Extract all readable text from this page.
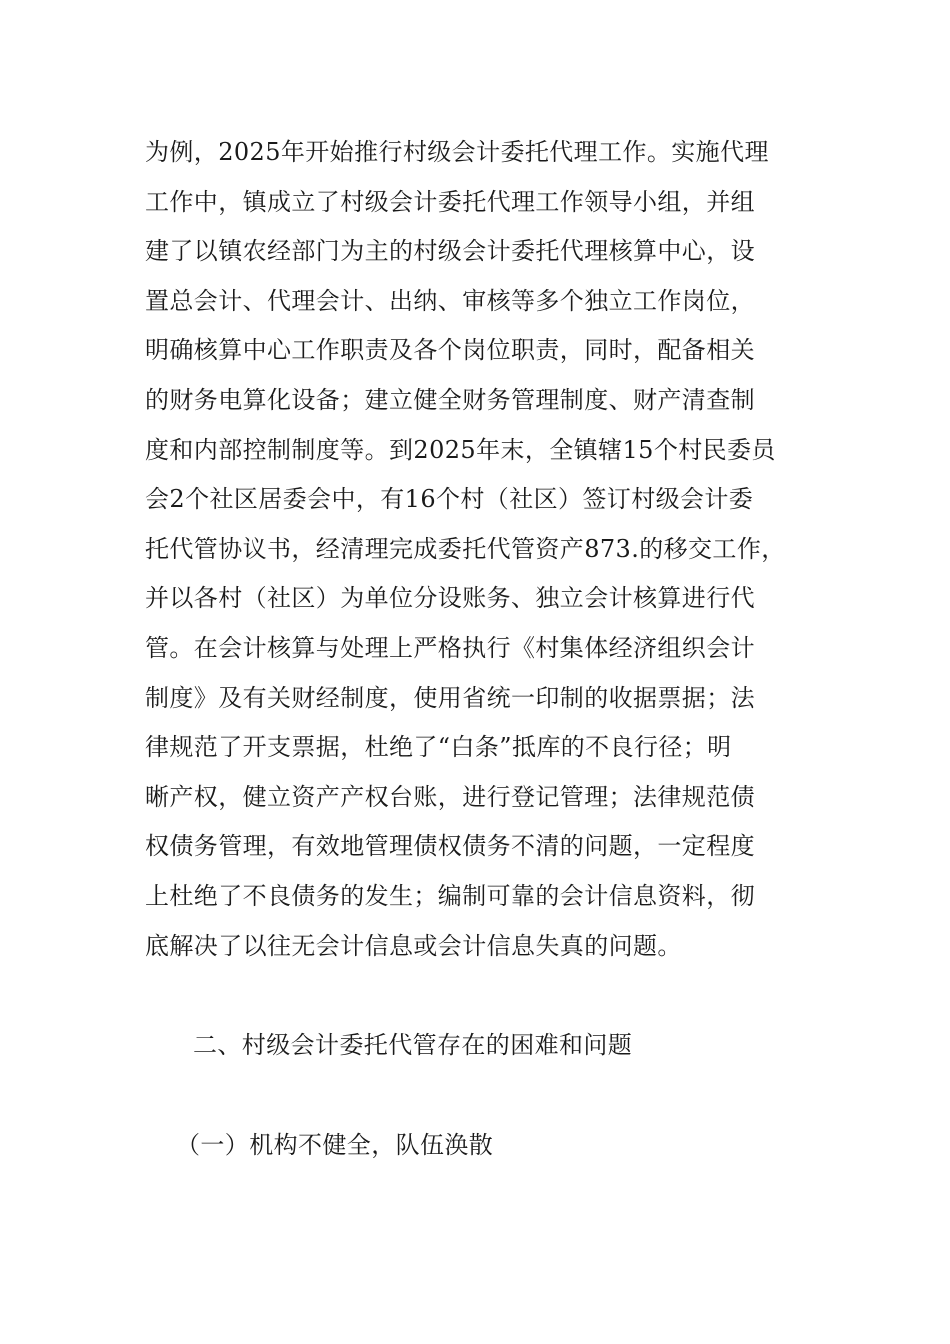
为例，2025年开始推行村级会计委托代理工作。实施代理
工作中，镇成立了村级会计委托代理工作领导小组，并组
建了以镇农经部门为主的村级会计委托代理核算中心，设
置总会计、代理会计、出纳、审核等多个独立工作岗位，
明确核算中心工作职责及各个岗位职责，同时，配备相关
的财务电算化设备；建立健全财务管理制度、财产清查制
度和内部控制制度等。到2025年末，全镇辖15个村民委员
会2个社区居委会中，有16个村（社区）签订村级会计委
托代管协议书，经清理完成委托代管资产873.的移交工作，
并以各村（社区）为单位分设账务、独立会计核算进行代
管。在会计核算与处理上严格执行《村集体经济组织会计
制度》及有关财经制度，使用省统一印制的收据票据；法
律规范了开支票据，杜绝了“白条”抵库的不良行径；明
晰产权，健立资产产权台账，进行登记管理；法律规范债
权债务管理，有效地管理债权债务不清的问题，一定程度
上杜绝了不良债务的发生；编制可靠的会计信息资料，彻
底解决了以往无会计信息或会计信息失真的问题。
二、村级会计委托代管存在的困难和问题
（一）机构不健全，队伍涣散
